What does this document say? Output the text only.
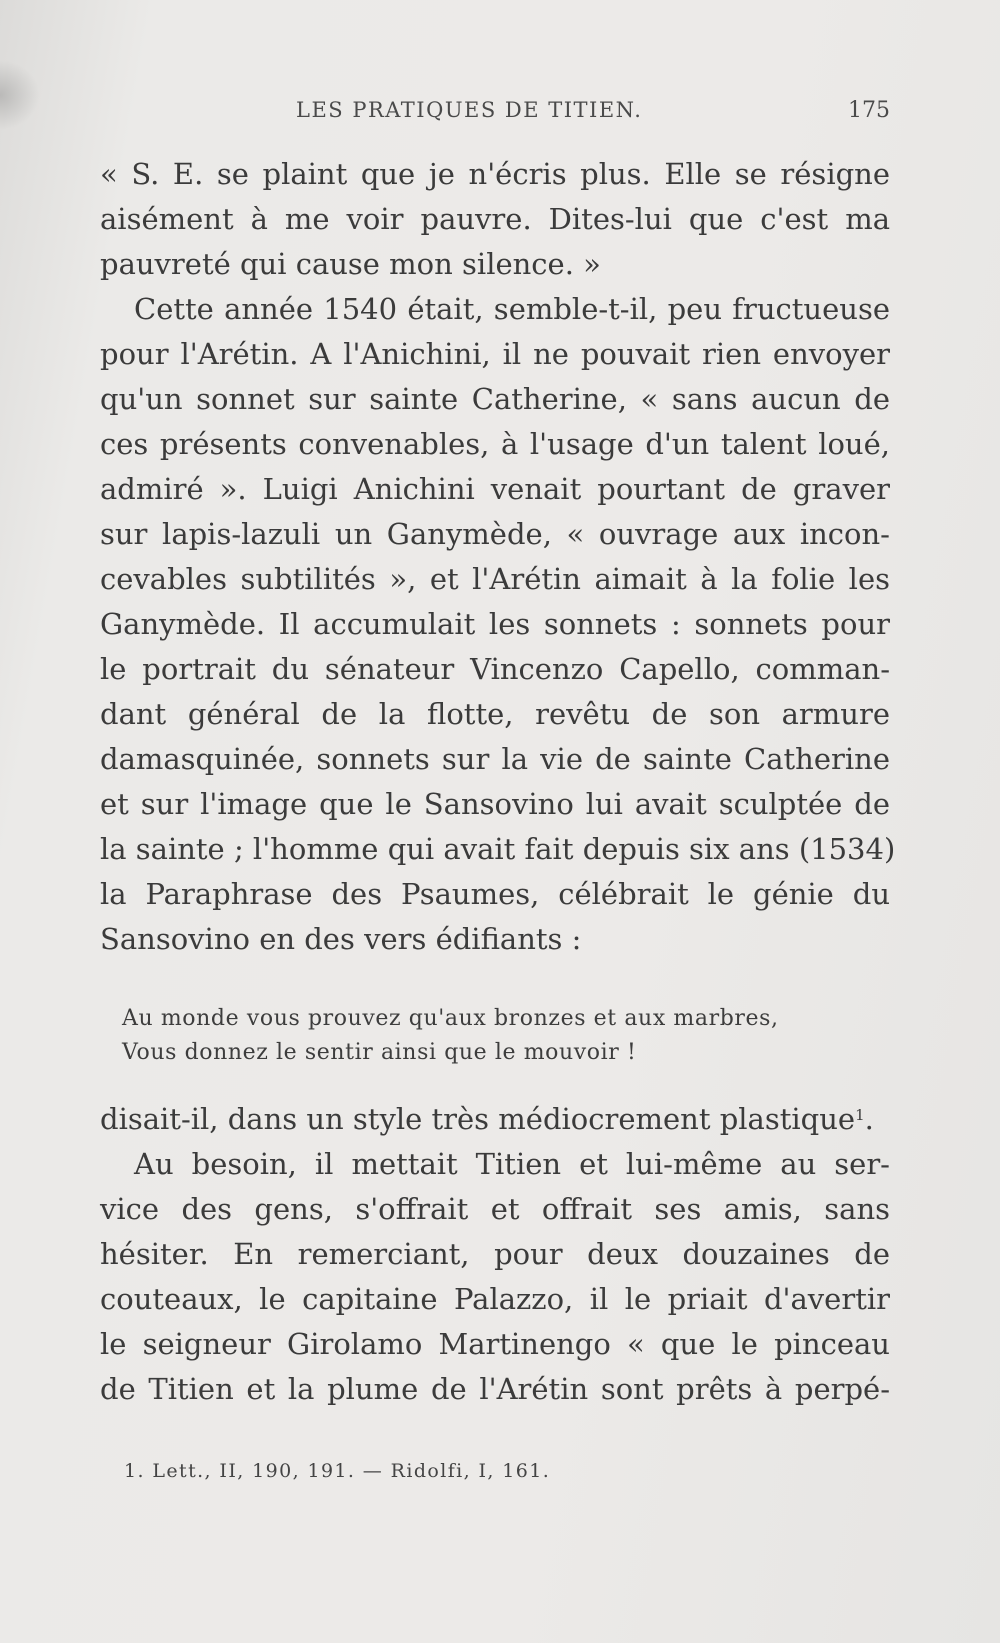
LES PRATIQUES DE TITIEN.	175
« S. E. se plaint que je n'écris plus. Elle se résigne
aisément à me voir pauvre. Dites-lui que c'est ma
pauvreté qui cause mon silence. »
Cette année 1540 était, semble-t-il, peu fructueuse
pour l'Arétin. A l'Anichini, il ne pouvait rien envoyer
qu'un sonnet sur sainte Catherine, « sans aucun de
ces présents convenables, à l'usage d'un talent loué,
admiré ». Luigi Anichini venait pourtant de graver
sur lapis-lazuli un Ganymède, « ouvrage aux incon-
cevables subtilités », et l'Arétin aimait à la folie les
Ganymède. Il accumulait les sonnets : sonnets pour
le portrait du sénateur Vincenzo Capello, comman-
dant général de la flotte, revêtu de son armure
damasquinée, sonnets sur la vie de sainte Catherine
et sur l'image que le Sansovino lui avait sculptée de
la sainte ; l'homme qui avait fait depuis six ans (1534)
la Paraphrase des Psaumes, célébrait le génie du
Sansovino en des vers édifiants :
Au monde vous prouvez qu'aux bronzes et aux marbres,
Vous donnez le sentir ainsi que le mouvoir !
disait-il, dans un style très médiocrement plastique$^1$.
Au besoin, il mettait Titien et lui-même au ser-
vice des gens, s'offrait et offrait ses amis, sans
hésiter. En remerciant, pour deux douzaines de
couteaux, le capitaine Palazzo, il le priait d'avertir
le seigneur Girolamo Martinengo « que le pinceau
de Titien et la plume de l'Arétin sont prêts à perpé-
1. Lett., II, 190, 191. — Ridolfi, I, 161.
